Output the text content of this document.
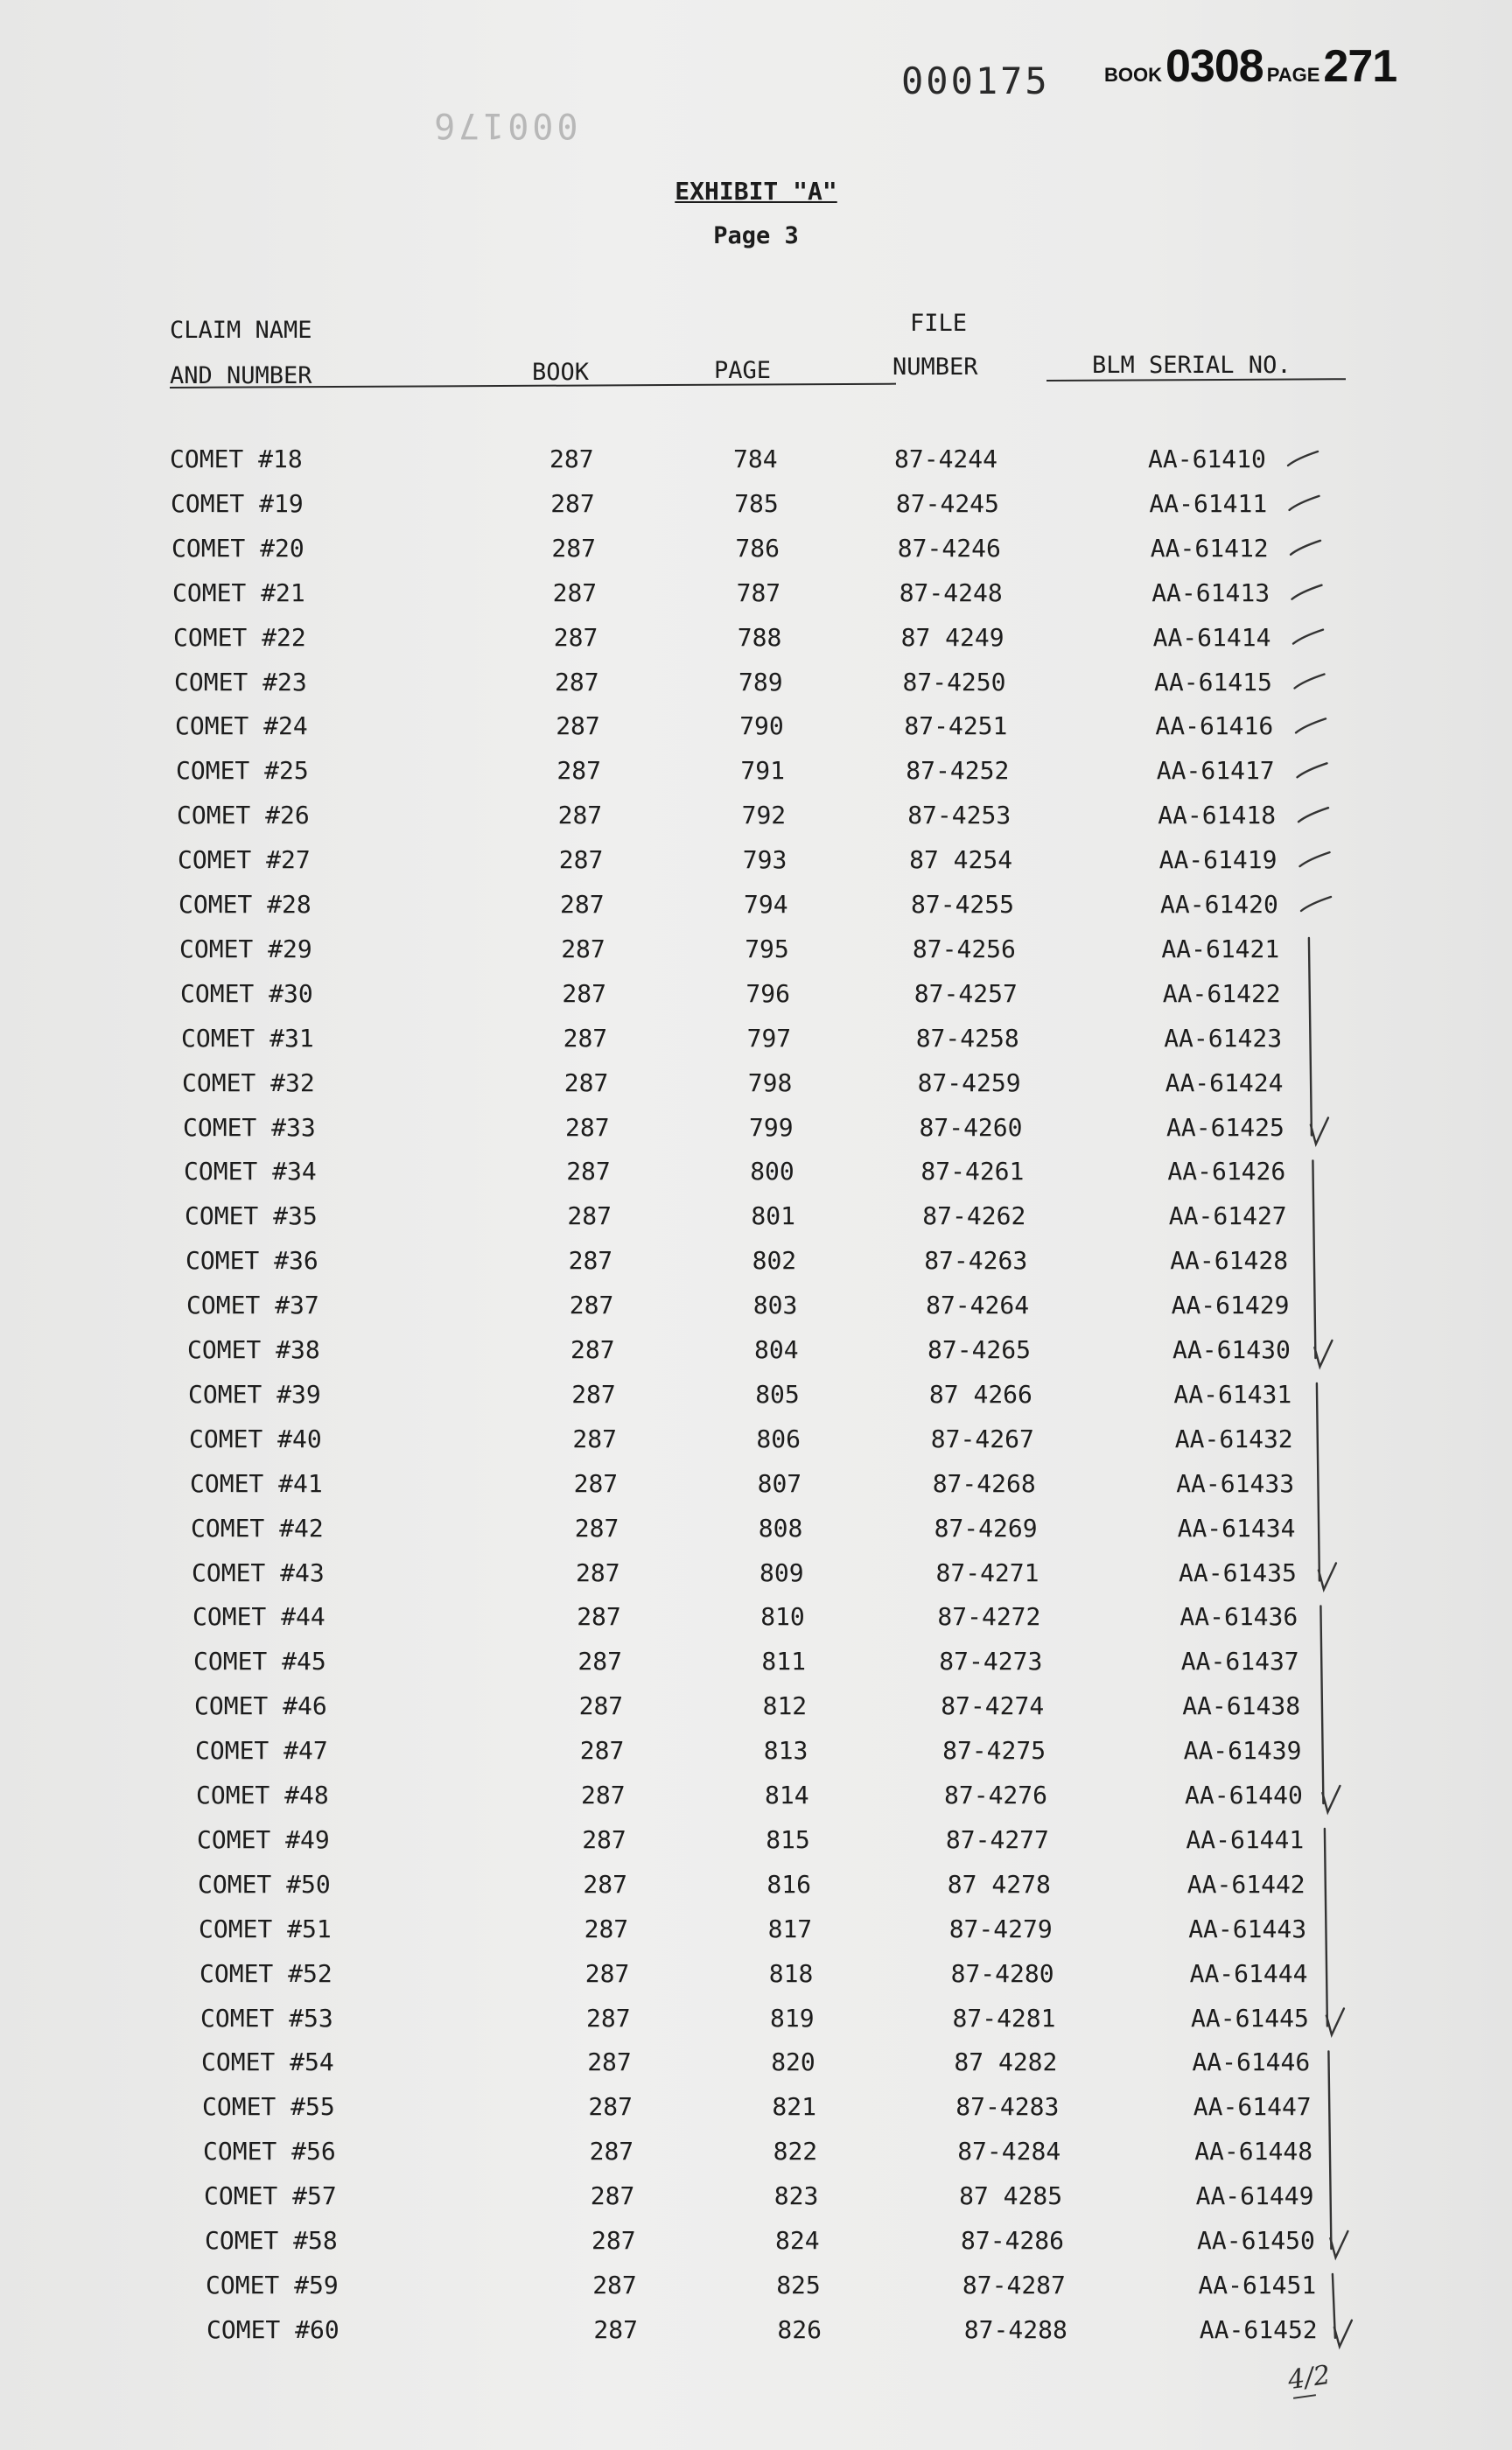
000175	BOOK 0308 PAGE 271
000176
EXHIBIT "A"
Page 3
CLAIM NAME
AND NUMBER	BOOK	PAGE
FILE
NUMBER	BLM SERIAL NO.
COMET #18	287	784	87-4244	AA-61410
COMET #19	287	785	87-4245	AA-61411
COMET #20	287	786	87-4246	AA-61412
COMET #21	287	787	87-4248	AA-61413
COMET #22	287	788	87 4249	AA-61414
COMET #23	287	789	87-4250	AA-61415
COMET #24	287	790	87-4251	AA-61416
COMET #25	287	791	87-4252	AA-61417
COMET #26	287	792	87-4253	AA-61418
COMET #27	287	793	87 4254	AA-61419
COMET #28	287	794	87-4255	AA-61420
COMET #29	287	795	87-4256	AA-61421
COMET #30	287	796	87-4257	AA-61422
COMET #31	287	797	87-4258	AA-61423
COMET #32	287	798	87-4259	AA-61424
COMET #33	287	799	87-4260	AA-61425
COMET #34	287	800	87-4261	AA-61426
COMET #35	287	801	87-4262	AA-61427
COMET #36	287	802	87-4263	AA-61428
COMET #37	287	803	87-4264	AA-61429
COMET #38	287	804	87-4265	AA-61430
COMET #39	287	805	87 4266	AA-61431
COMET #40	287	806	87-4267	AA-61432
COMET #41	287	807	87-4268	AA-61433
COMET #42	287	808	87-4269	AA-61434
COMET #43	287	809	87-4271	AA-61435
COMET #44	287	810	87-4272	AA-61436
COMET #45	287	811	87-4273	AA-61437
COMET #46	287	812	87-4274	AA-61438
COMET #47	287	813	87-4275	AA-61439
COMET #48	287	814	87-4276	AA-61440
COMET #49	287	815	87-4277	AA-61441
COMET #50	287	816	87 4278	AA-61442
COMET #51	287	817	87-4279	AA-61443
COMET #52	287	818	87-4280	AA-61444
COMET #53	287	819	87-4281	AA-61445
COMET #54	287	820	87 4282	AA-61446
COMET #55	287	821	87-4283	AA-61447
COMET #56	287	822	87-4284	AA-61448
COMET #57	287	823	87 4285	AA-61449
COMET #58	287	824	87-4286	AA-61450
COMET #59	287	825	87-4287	AA-61451
COMET #60	287	826	87-4288	AA-61452
4/2
